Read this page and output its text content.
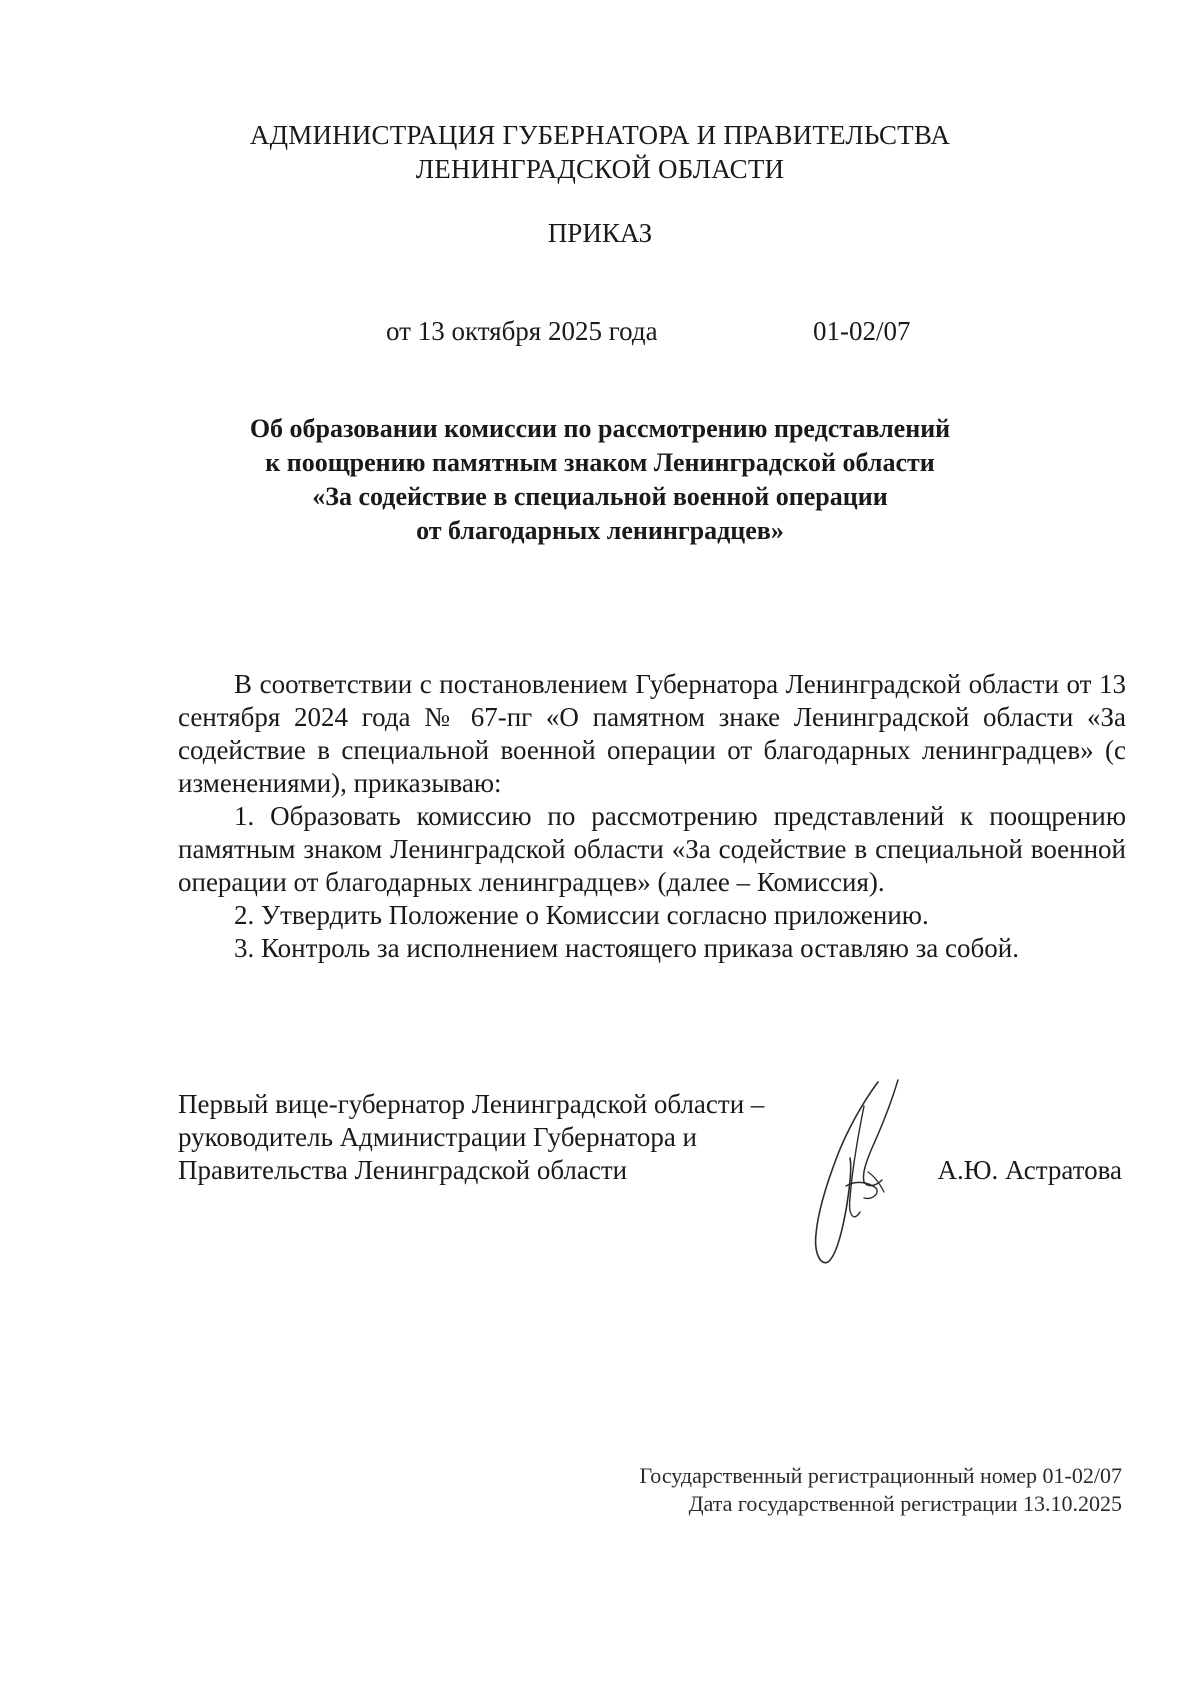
АДМИНИСТРАЦИЯ ГУБЕРНАТОРА И ПРАВИТЕЛЬСТВА
ЛЕНИНГРАДСКОЙ ОБЛАСТИ
ПРИКАЗ
от 13 октября 2025 года	01-02/07
Об образовании комиссии по рассмотрению представлений
к поощрению памятным знаком Ленинградской области
«За содействие в специальной военной операции
от благодарных ленинградцев»

В соответствии с постановлением Губернатора Ленинградской области от 13 сентября 2024 года № 67-пг «О памятном знаке Ленинградской области «За содействие в специальной военной операции от благодарных ленинградцев» (с изменениями), приказываю:

1. Образовать комиссию по рассмотрению представлений к поощрению памятным знаком Ленинградской области «За содействие в специальной военной операции от благодарных ленинградцев» (далее – Комиссия).

2. Утвердить Положение о Комиссии согласно приложению.

3. Контроль за исполнением настоящего приказа оставляю за собой.

Первый вице-губернатор Ленинградской области –
руководитель Администрации Губернатора и
Правительства Ленинградской области	А.Ю. Астратова
Государственный регистрационный номер 01-02/07
Дата государственной регистрации 13.10.2025
